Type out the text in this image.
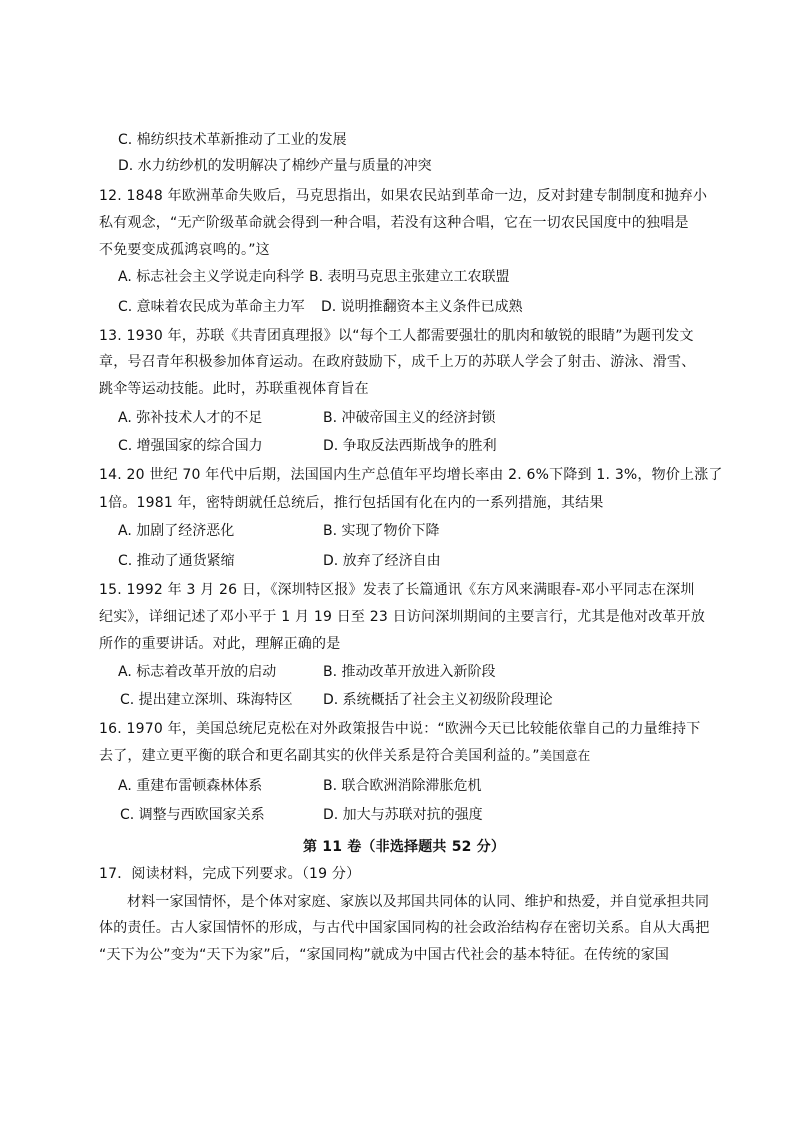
C. 棉纺织技术革新推动了工业的发展
D. 水力纺纱机的发明解决了棉纱产量与质量的冲突
12. 1848 年欧洲革命失败后，马克思指出，如果农民站到革命一边，反对封建专制制度和抛弃小
私有观念，“无产阶级革命就会得到一种合唱，若没有这种合唱，它在一切农民国度中的独唱是
不免要变成孤鸿哀鸣的。”这
A. 标志社会主义学说走向科学 B. 表明马克思主张建立工农联盟
C. 意味着农民成为革命主力军 D. 说明推翻资本主义条件已成熟
13. 1930 年，苏联《共青团真理报》以“每个工人都需要强壮的肌肉和敏锐的眼睛”为题刊发文
章，号召青年积极参加体育运动。在政府鼓励下，成千上万的苏联人学会了射击、游泳、滑雪、
跳伞等运动技能。此时，苏联重视体育旨在
A. 弥补技术人才的不足	B. 冲破帝国主义的经济封锁
C. 增强国家的综合国力	D. 争取反法西斯战争的胜利
14. 20 世纪 70 年代中后期，法国国内生产总值年平均增长率由 2. 6%下降到 1. 3%，物价上涨了
1倍。1981 年，密特朗就任总统后，推行包括国有化在内的一系列措施，其结果
A. 加剧了经济恶化	B. 实现了物价下降
C. 推动了通货紧缩	D. 放弃了经济自由
15. 1992 年 3 月 26 日，《深圳特区报》发表了长篇通讯《东方风来满眼春-邓小平同志在深圳
纪实》，详细记述了邓小平于 1 月 19 日至 23 日访问深圳期间的主要言行，尤其是他对改革开放
所作的重要讲话。对此，理解正确的是
A. 标志着改革开放的启动	B. 推动改革开放进入新阶段
C. 提出建立深圳、珠海特区 D. 系统概括了社会主义初级阶段理论
16. 1970 年，美国总统尼克松在对外政策报告中说：“欧洲今天已比较能依靠自己的力量维持下
去了，建立更平衡的联合和更名副其实的伙伴关系是符合美国利益的。”美国意在
A. 重建布雷顿森林体系	B. 联合欧洲消除滞胀危机
C. 调整与西欧国家关系	D. 加大与苏联对抗的强度
第 11 卷（非选择题共 52 分）
17．阅读材料，完成下列要求。（19 分）
材料一家国情怀，是个体对家庭、家族以及邦国共同体的认同、维护和热爱，并自觉承担共同
体的责任。古人家国情怀的形成，与古代中国家国同构的社会政治结构存在密切关系。自从大禹把
“天下为公”变为“天下为家”后，“家国同构”就成为中国古代社会的基本特征。在传统的家国
